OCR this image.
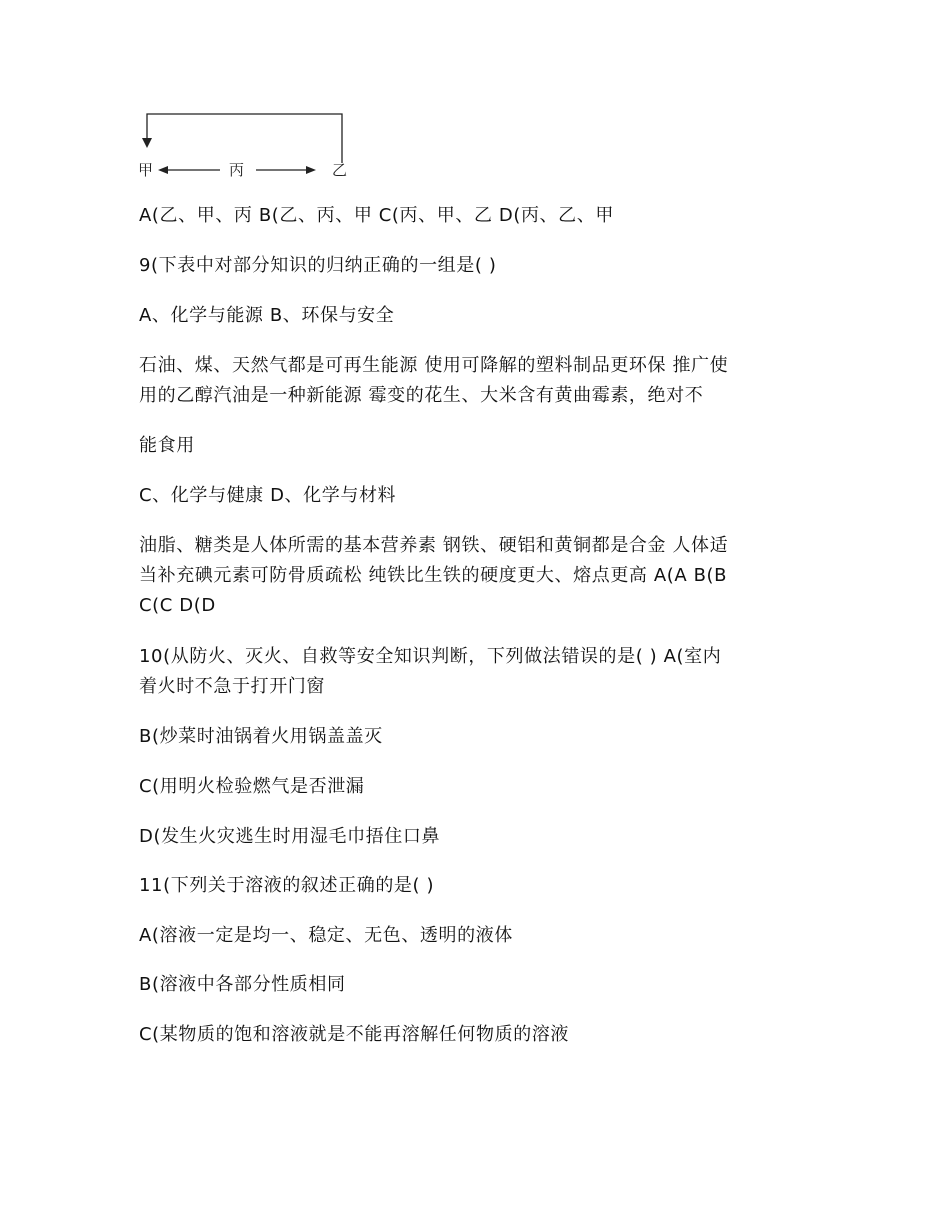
甲	丙	乙

A(乙、甲、丙 B(乙、丙、甲 C(丙、甲、乙 D(丙、乙、甲

9(下表中对部分知识的归纳正确的一组是( )

A、化学与能源 B、环保与安全

石油、煤、天然气都是可再生能源 使用可降解的塑料制品更环保 推广使

用的乙醇汽油是一种新能源 霉变的花生、大米含有黄曲霉素，绝对不

能食用

C、化学与健康 D、化学与材料

油脂、糖类是人体所需的基本营养素 钢铁、硬铝和黄铜都是合金 人体适

当补充碘元素可防骨质疏松 纯铁比生铁的硬度更大、熔点更高 A(A B(B

C(C D(D

10(从防火、灭火、自救等安全知识判断，下列做法错误的是( ) A(室内

着火时不急于打开门窗

B(炒菜时油锅着火用锅盖盖灭

C(用明火检验燃气是否泄漏

D(发生火灾逃生时用湿毛巾捂住口鼻

11(下列关于溶液的叙述正确的是( )

A(溶液一定是均一、稳定、无色、透明的液体

B(溶液中各部分性质相同

C(某物质的饱和溶液就是不能再溶解任何物质的溶液
